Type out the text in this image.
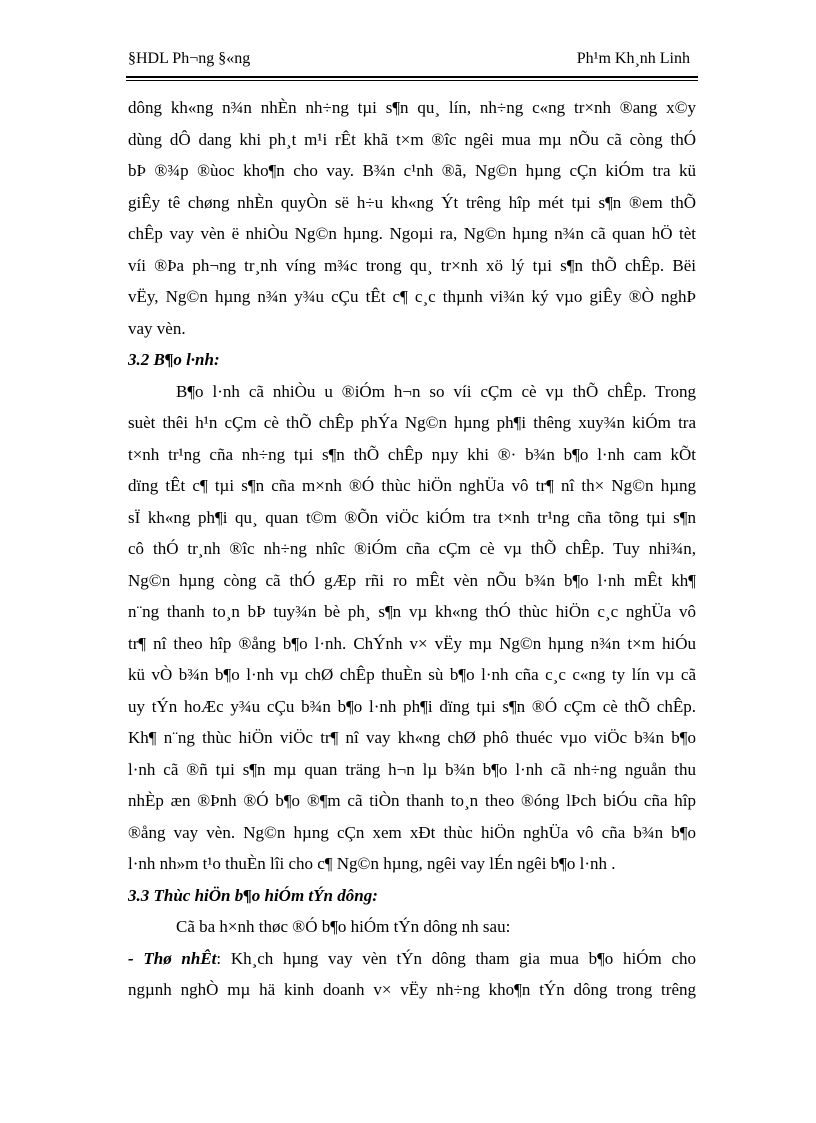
§HDL Ph¬ng §«ng	Ph¹m Kh¸nh Linh
dông kh«ng n¾n nhÈn nh÷ng tµi s¶n qu¸ lín, nh÷ng c«ng tr×nh ®ang x©y
dùng dÔ dang khi ph¸t m¹i rÊt khã t×m ®îc ngêi mua mµ nÕu cã còng thÓ
bÞ ®¾p ®ùoc kho¶n cho vay. B¾n c¹nh ®ã, Ng©n hµng cÇn kiÓm tra kü
giÊy tê chøng nhÈn quyÒn së h÷u kh«ng Ýt trêng hîp mét tµi s¶n ®em thÕ
chÊp vay vèn ë nhiÒu Ng©n hµng. Ngoµi ra, Ng©n hµng n¾n cã quan hÖ tèt
víi ®Þa ph¬ng tr¸nh víng m¾c trong qu¸ tr×nh xö lý tµi s¶n thÕ chÊp. Bëi
vËy, Ng©n hµng n¾n y¾u cÇu tÊt c¶ c¸c thµnh vi¾n ký vµo giÊy ®Ò nghÞ
vay vèn.
3.2 B¶o l·nh:
B¶o l·nh cã nhiÒu u ®iÓm h¬n so víi cÇm cè vµ thÕ chÊp. Trong
suèt thêi h¹n cÇm cè thÕ chÊp phÝa Ng©n hµng ph¶i thêng xuy¾n kiÓm tra
t×nh tr¹ng cña nh÷ng tµi s¶n thÕ chÊp nµy khi ®· b¾n b¶o l·nh cam kÕt
dïng tÊt c¶ tµi s¶n cña m×nh ®Ó thùc hiÖn nghÜa vô tr¶ nî th× Ng©n hµng
sÏ kh«ng ph¶i qu¸ quan t©m ®Õn viÖc kiÓm tra t×nh tr¹ng cña tõng tµi s¶n
cô thÓ tr¸nh ®îc nh÷ng nhîc ®iÓm cña cÇm cè vµ thÕ chÊp. Tuy nhi¾n,
Ng©n hµng còng cã thÓ gÆp rñi ro mÊt vèn nÕu b¾n b¶o l·nh mÊt kh¶
n¨ng thanh to¸n bÞ tuy¾n bè ph¸ s¶n vµ kh«ng thÓ thùc hiÖn c¸c nghÜa vô
tr¶ nî theo hîp ®ång b¶o l·nh. ChÝnh v× vËy mµ Ng©n hµng n¾n t×m hiÓu
kü vÒ b¾n b¶o l·nh vµ chØ chÊp thuÈn sù b¶o l·nh cña c¸c c«ng ty lín vµ cã
uy tÝn hoÆc y¾u cÇu b¾n b¶o l·nh ph¶i dïng tµi s¶n ®Ó cÇm cè thÕ chÊp.
Kh¶ n¨ng thùc hiÖn viÖc tr¶ nî vay kh«ng chØ phô thuéc vµo viÖc b¾n b¶o
l·nh cã ®ñ tµi s¶n mµ quan träng h¬n lµ b¾n b¶o l·nh cã nh÷ng nguån thu
nhÈp æn ®Þnh ®Ó b¶o ®¶m cã tiÒn thanh to¸n theo ®óng lÞch biÓu cña hîp
®ång vay vèn. Ng©n hµng cÇn xem xÐt thùc hiÖn nghÜa vô cña b¾n b¶o
l·nh nh»m t¹o thuÈn lîi cho c¶ Ng©n hµng, ngêi vay lÉn ngêi b¶o l·nh .
3.3 Thùc hiÖn b¶o hiÓm tÝn dông:
Cã ba h×nh thøc ®Ó b¶o hiÓm tÝn dông nh sau:
- Thø nhÊt: Kh¸ch hµng vay vèn tÝn dông tham gia mua b¶o hiÓm cho
ngµnh nghÒ mµ hä kinh doanh v× vËy nh÷ng kho¶n tÝn dông trong trêng
